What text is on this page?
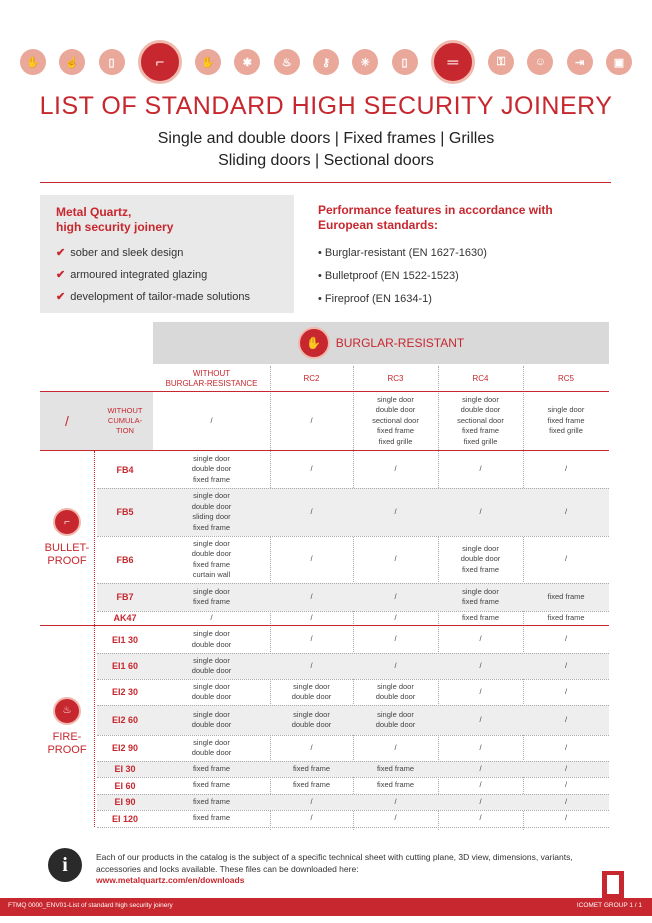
✋	☝	▯	⌐	✋	✱	♨	⚷	✳	▯	═	⚿	☺	⇥	▣
LIST OF STANDARD HIGH SECURITY JOINERY
Single and double doors | Fixed frames | Grilles
Sliding doors | Sectional doors
Metal Quartz,
high security joinery
✔ sober and sleek design
✔ armoured integrated glazing
✔ development of tailor-made solutions
Performance features in accordance with
European standards:
• Burglar-resistant (EN 1627-1630)
• Bulletproof (EN 1522-1523)
• Fireproof (EN 1634-1)
✋	BURGLAR-RESISTANT
WITHOUT
BURGLAR-RESISTANCE
RC2	RC3	RC4	RC5
/
WITHOUT
CUMULA-
TION
/	/
single door
double door
sectional door
fixed frame
fixed grille
single door
double door
sectional door
fixed frame
fixed grille
single door
fixed frame
fixed grille
FB4
single door
double door
fixed frame
/	/	/	/
FB5
single door
double door
sliding door
fixed frame
/	/	/	/
FB6
single door
double door
fixed frame
curtain wall
/	/
single door
double door
fixed frame
/
FB7
single door
fixed frame
/	/
single door
fixed frame
fixed frame
AK47	/	/	/	fixed frame	fixed frame
⌐
BULLET-
PROOF
EI1 30
single door
double door
/	/	/	/
EI1 60
single door
double door
/	/	/	/
EI2 30
single door
double door
single door
double door
single door
double door
/	/
EI2 60
single door
double door
single door
double door
single door
double door
/	/
EI2 90
single door
double door
/	/	/	/
EI 30	fixed frame	fixed frame	fixed frame	/	/
EI 60	fixed frame	fixed frame	fixed frame	/	/
EI 90	fixed frame	/	/	/	/
EI 120	fixed frame	/	/	/	/
♨
FIRE-
PROOF
i	Each of our products in the catalog is the subject of a specific technical sheet with cutting plane, 3D view, dimensions, variants, accessories and locks available. These files can be downloaded here:
www.metalquartz.com/en/downloads
FTMQ 0000_ENV01-List of standard high security joinery	ICOMET GROUP 1 / 1
